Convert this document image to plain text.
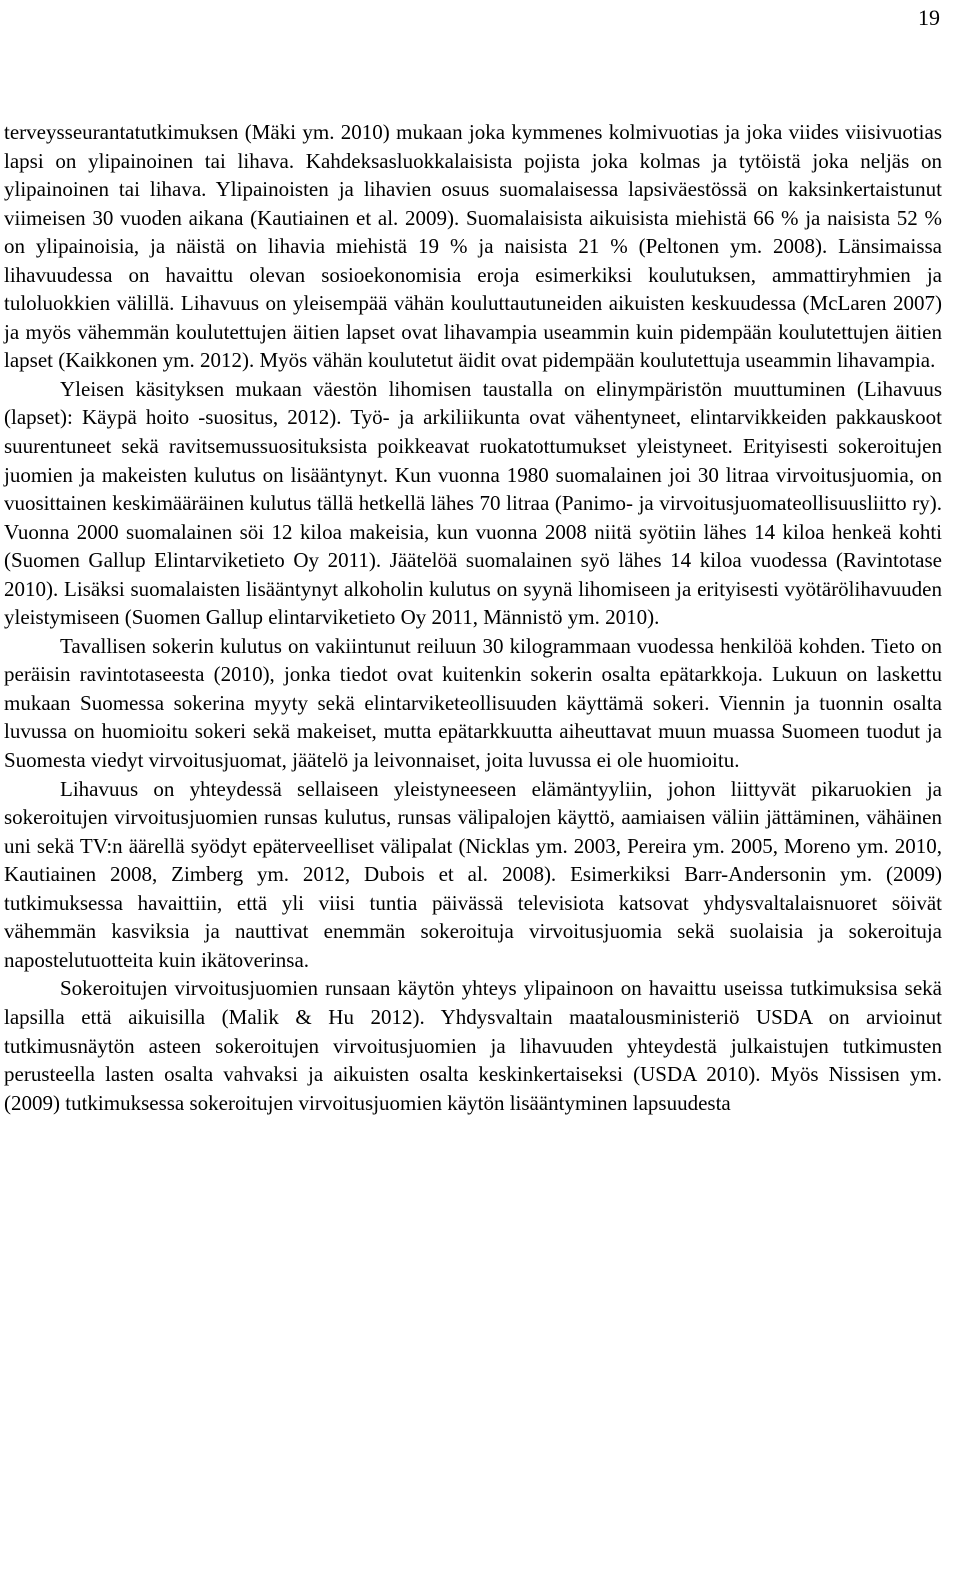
19

terveysseurantatutkimuksen (Mäki ym. 2010) mukaan joka kymmenes kolmivuotias ja joka viides viisivuotias lapsi on ylipainoinen tai lihava. Kahdeksasluokkalaisista pojista joka kolmas ja tytöistä joka neljäs on ylipainoinen tai lihava. Ylipainoisten ja lihavien osuus suomalaisessa lapsiväestössä on kaksinkertaistunut viimeisen 30 vuoden aikana (Kautiainen et al. 2009). Suomalaisista aikuisista miehistä 66 % ja naisista 52 % on ylipainoisia, ja näistä on lihavia miehistä 19 % ja naisista 21 % (Peltonen ym. 2008). Länsimaissa lihavuudessa on havaittu olevan sosioekonomisia eroja esimerkiksi koulutuksen, ammattiryhmien ja tuloluokkien välillä. Lihavuus on yleisempää vähän kouluttautuneiden aikuisten keskuudessa (McLaren 2007) ja myös vähemmän koulutettujen äitien lapset ovat lihavampia useammin kuin pidempään koulutettujen äitien lapset (Kaikkonen ym. 2012). Myös vähän koulutetut äidit ovat pidempään koulutettuja useammin lihavampia.

Yleisen käsityksen mukaan väestön lihomisen taustalla on elinympäristön muuttuminen (Lihavuus (lapset): Käypä hoito -suositus, 2012). Työ- ja arkiliikunta ovat vähentyneet, elintarvikkeiden pakkauskoot suurentuneet sekä ravitsemussuosituksista poikkeavat ruokatottumukset yleistyneet. Erityisesti sokeroitujen juomien ja makeisten kulutus on lisääntynyt. Kun vuonna 1980 suomalainen joi 30 litraa virvoitusjuomia, on vuosittainen keskimääräinen kulutus tällä hetkellä lähes 70 litraa (Panimo- ja virvoitusjuomateollisuusliitto ry). Vuonna 2000 suomalainen söi 12 kiloa makeisia, kun vuonna 2008 niitä syötiin lähes 14 kiloa henkeä kohti (Suomen Gallup Elintarviketieto Oy 2011). Jäätelöä suomalainen syö lähes 14 kiloa vuodessa (Ravintotase 2010). Lisäksi suomalaisten lisääntynyt alkoholin kulutus on syynä lihomiseen ja erityisesti vyötärölihavuuden yleistymiseen (Suomen Gallup elintarviketieto Oy 2011, Männistö ym. 2010).

Tavallisen sokerin kulutus on vakiintunut reiluun 30 kilogrammaan vuodessa henkilöä kohden. Tieto on peräisin ravintotaseesta (2010), jonka tiedot ovat kuitenkin sokerin osalta epätarkkoja. Lukuun on laskettu mukaan Suomessa sokerina myyty sekä elintarviketeollisuuden käyttämä sokeri. Viennin ja tuonnin osalta luvussa on huomioitu sokeri sekä makeiset, mutta epätarkkuutta aiheuttavat muun muassa Suomeen tuodut ja Suomesta viedyt virvoitusjuomat, jäätelö ja leivonnaiset, joita luvussa ei ole huomioitu.

Lihavuus on yhteydessä sellaiseen yleistyneeseen elämäntyyliin, johon liittyvät pikaruokien ja sokeroitujen virvoitusjuomien runsas kulutus, runsas välipalojen käyttö, aamiaisen väliin jättäminen, vähäinen uni sekä TV:n äärellä syödyt epäterveelliset välipalat (Nicklas ym. 2003, Pereira ym. 2005, Moreno ym. 2010, Kautiainen 2008, Zimberg ym. 2012, Dubois et al. 2008). Esimerkiksi Barr-Andersonin ym. (2009) tutkimuksessa havaittiin, että yli viisi tuntia päivässä televisiota katsovat yhdysvaltalaisnuoret söivät vähemmän kasviksia ja nauttivat enemmän sokeroituja virvoitusjuomia sekä suolaisia ja sokeroituja napostelutuotteita kuin ikätoverinsa.

Sokeroitujen virvoitusjuomien runsaan käytön yhteys ylipainoon on havaittu useissa tutkimuksisa sekä lapsilla että aikuisilla (Malik & Hu 2012). Yhdysvaltain maatalousministeriö USDA on arvioinut tutkimusnäytön asteen sokeroitujen virvoitusjuomien ja lihavuuden yhteydestä julkaistujen tutkimusten perusteella lasten osalta vahvaksi ja aikuisten osalta keskinkertaiseksi (USDA 2010). Myös Nissisen ym. (2009) tutkimuksessa sokeroitujen virvoitusjuomien käytön lisääntyminen lapsuudesta
